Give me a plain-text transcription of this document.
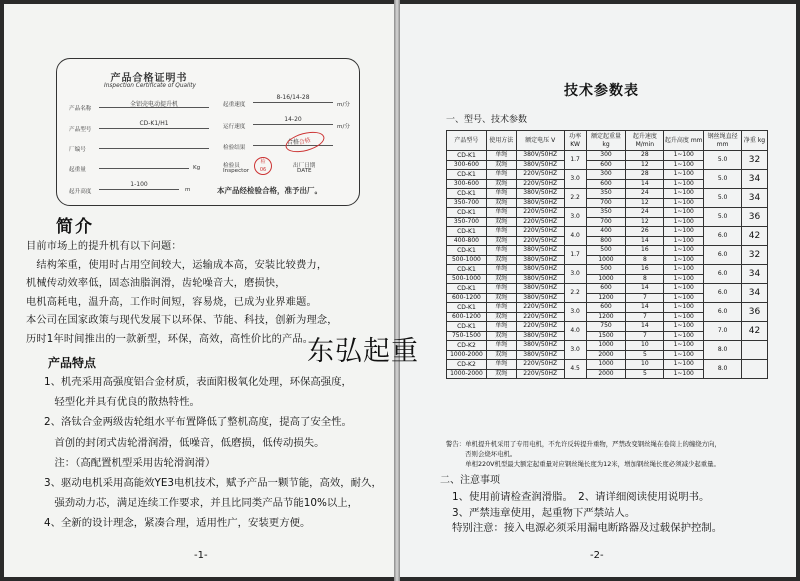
产品合格证明书
Inspection Certificate of Quality
产品名称
全铝壳电动提升机
产品型号
CD-K1/H1
厂编号
起重量	Kg
起升高度
1-100
m
起重速度
8-16/14-28
m/分
运行速度
14-20
m/分
检验结果
合格
检验员
Inspector
检
06
出厂日期
DATE
合格
本产品经检验合格，准予出厂。
简介

目前市场上的提升机有以下问题：

　结构笨重，使用时占用空间较大，运输成本高，安装比较费力，

机械传动效率低，固态油脂润滑，齿轮噪音大，磨损快，

电机高耗电，温升高，工作时间短，容易烧，已成为业界难题。

本公司在国家政策与现代发展下以环保、节能、科技，创新为理念，

历时1年时间推出的一款新型，环保，高效，高性价比的产品。

产品特点

1、机壳采用高强度铝合金材质，表面阳极氧化处理，环保高强度，

　轻型化并具有优良的散热特性。

2、洛钛合金两级齿轮组水平布置降低了整机高度，提高了安全性。

　首创的封闭式齿轮滑润滑，低噪音，低磨损，低传动损失。

　注：（高配置机型采用齿轮滑润滑）

3、驱动电机采用高能效YE3电机技术，赋予产品一颗节能，高效，耐久，

　强劲动力芯，满足连续工作要求，并且比同类产品节能10%以上，

4、全新的设计理念，紧凑合理，适用性广，安装更方便。

-1-
技术参数表
一、型号、技术参数
产品型号	使用方法	额定电压 V	功率 KW	额定起重量 kg	起升速度 M/min	起升高度 mm	钢丝绳直径 mm	净重 kg
CD-K1	单绳	380V/50HZ	1.7	300	28	1~100	5.0	32
300-600	双绳	380V/50HZ		600	12	1~100		
CD-K1	单绳	220V/50HZ	3.0	300	28	1~100	5.0	34
300-600	双绳	220V/50HZ		600	14	1~100		
CD-K1	单绳	380V/50HZ	2.2	350	24	1~100	5.0	34
350-700	双绳	380V/50HZ		700	12	1~100		
CD-K1	单绳	220V/50HZ	3.0	350	24	1~100	5.0	36
350-700	双绳	220V/50HZ		700	12	1~100		
CD-K1	单绳	220V/50HZ	4.0	400	26	1~100	6.0	42
400-800	双绳	220V/50HZ		800	14	1~100		
CD-K1	单绳	380V/50HZ	1.7	500	16	1~100	6.0	32
500-1000	双绳	380V/50HZ		1000	8	1~100		
CD-K1	单绳	380V/50HZ	3.0	500	16	1~100	6.0	34
500-1000	双绳	380V/50HZ		1000	8	1~100		
CD-K1	单绳	380V/50HZ	2.2	600	14	1~100	6.0	34
600-1200	双绳	380V/50HZ		1200	7	1~100		
CD-K1	单绳	220V/50HZ	3.0	600	14	1~100	6.0	36
600-1200	双绳	220V/50HZ		1200	7	1~100		
CD-K1	单绳	220V/50HZ	4.0	750	14	1~100	7.0	42
750-1500	双绳	380V/50HZ		1500	7	1~100		
CD-K2	单绳	380V/50HZ	3.0	1000	10	1~100	8.0	
1000-2000	双绳	380V/50HZ		2000	5	1~100		
CD-K2	单绳	220V/50HZ	4.5	1000	10	1~100	8.0	
1000-2000	双绳	220V/50HZ		2000	5	1~100		

警告：单机提升机采用了专用电机，不允许反转提升重物，严禁改变钢丝绳在卷筒上的缠绕方向，

　　　否则会烧坏电机。

　　　单相220V机型最大额定起重量对应钢丝绳长度为12米，增加钢丝绳长度必须减少起重量。

二、注意事项

1、使用前请检查润滑脂。　2、请详细阅读使用说明书。

3、严禁违章使用，起重物下严禁站人。

特别注意：接入电源必须采用漏电断路器及过载保护控制。

-2-
东弘起重
